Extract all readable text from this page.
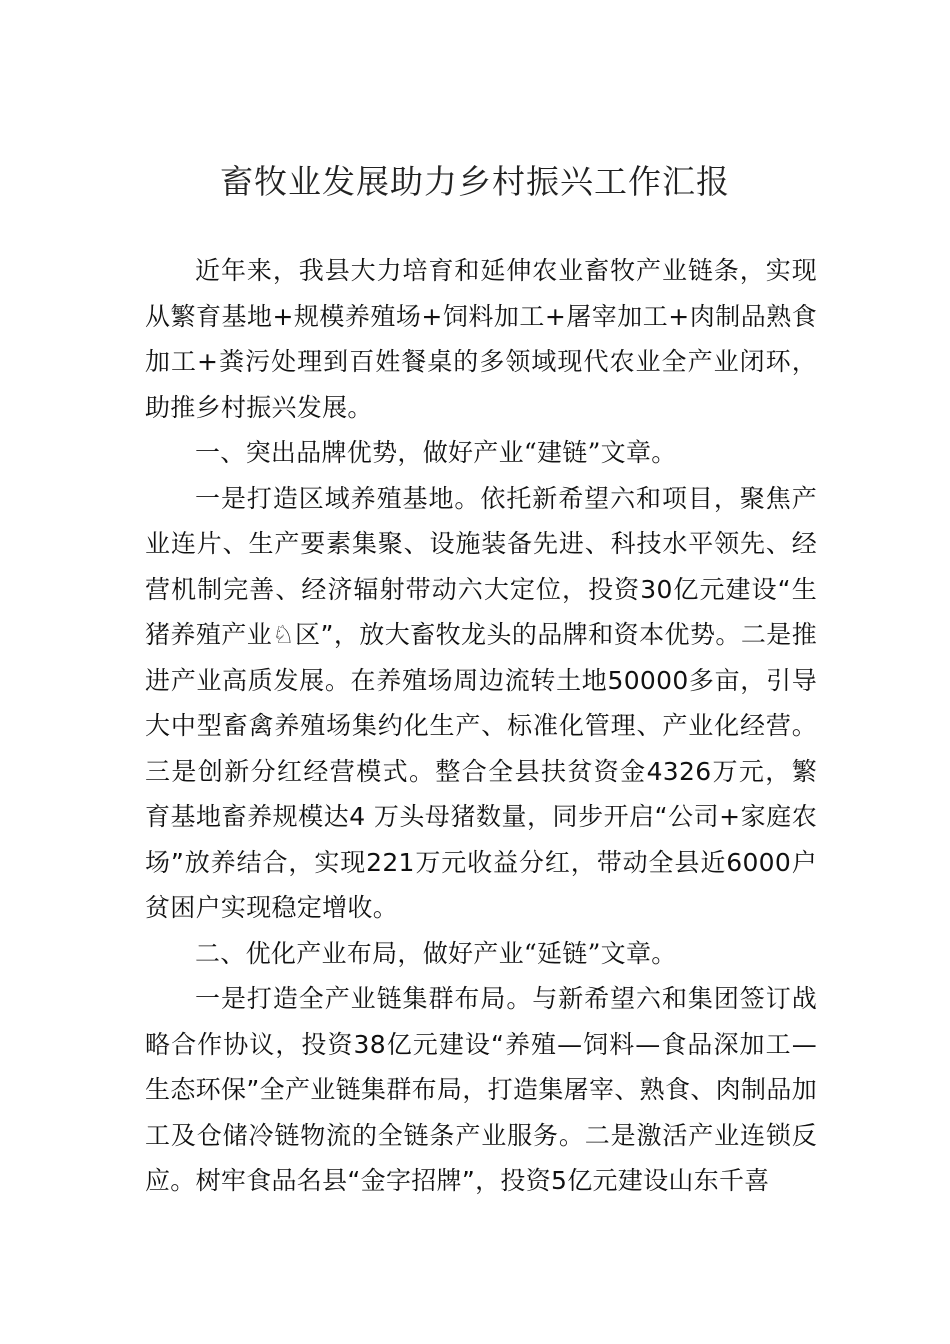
畜牧业发展助力乡村振兴工作汇报

近年来，我县大力培育和延伸农业畜牧产业链条，实现从繁育基地+规模养殖场+饲料加工+屠宰加工+肉制品熟食加工+粪污处理到百姓餐桌的多领域现代农业全产业闭环，助推乡村振兴发展。

一、突出品牌优势，做好产业“建链”文章。

一是打造区域养殖基地。依托新希望六和项目，聚焦产业连片、生产要素集聚、设施装备先进、科技水平领先、经营机制完善、经济辐射带动六大定位，投资30亿元建设“生猪养殖产业♘区”，放大畜牧龙头的品牌和资本优势。二是推进产业高质发展。在养殖场周边流转土地50000多亩，引导大中型畜禽养殖场集约化生产、标准化管理、产业化经营。 三是创新分红经营模式。整合全县扶贫资金4326万元，繁育基地畜养规模达4 万头母猪数量，同步开启“公司+家庭农场”放养结合，实现221万元收益分红，带动全县近6000户贫困户实现稳定增收。

二、优化产业布局，做好产业“延链”文章。

一是打造全产业链集群布局。与新希望六和集团签订战略合作协议，投资38亿元建设“养殖—饲料—食品深加工—生态环保”全产业链集群布局，打造集屠宰、熟食、肉制品加工及仓储冷链物流的全链条产业服务。二是激活产业连锁反应。树牢食品名县“金字招牌”，投资5亿元建设山东千喜
